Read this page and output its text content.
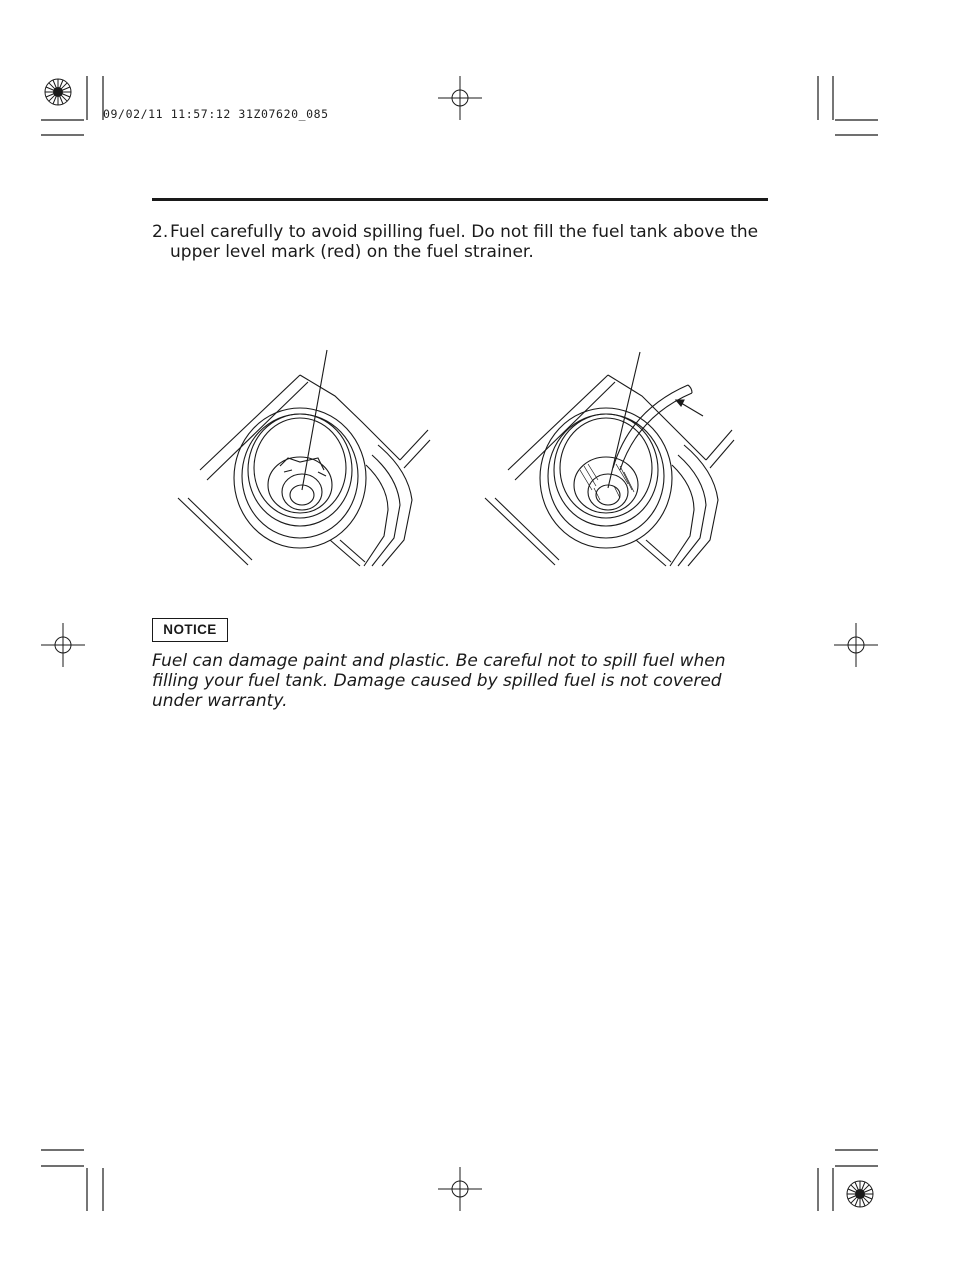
09/02/11 11:57:12 31Z07620_085
2. Fuel carefully to avoid spilling fuel. Do not fill the fuel tank above the upper level mark (red) on the fuel strainer.
NOTICE
Fuel can damage paint and plastic. Be careful not to spill fuel when filling your fuel tank. Damage caused by spilled fuel is not covered under warranty.
